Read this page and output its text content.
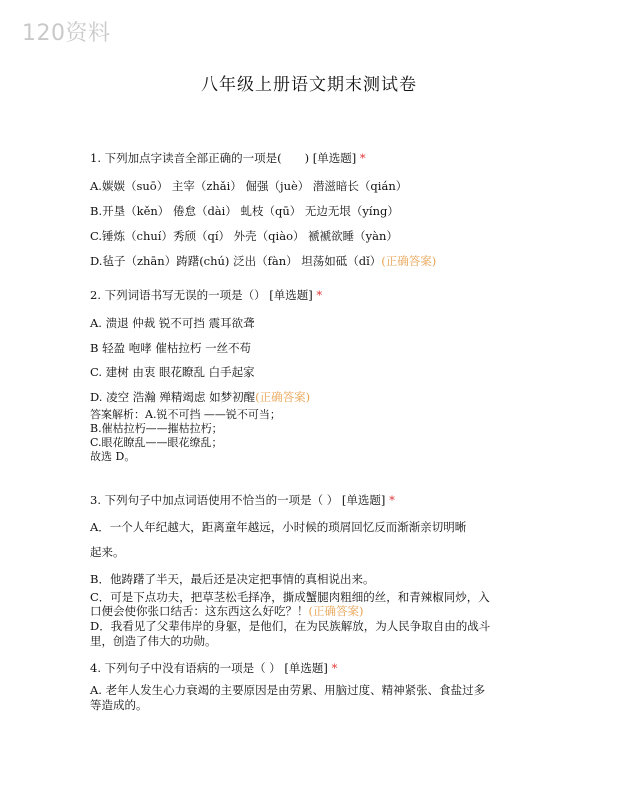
120资料
八年级上册语文期末测试卷
1. 下列加点字读音全部正确的一项是(　　) [单选题] *
A.㛶㛶（suō） 主宰（zhǎi） 倔强（juè） 潜滋暗长（qián）
B.开垦（kěn） 倦怠（dài） 虬枝（qū） 无边无垠（yíng）
C.锤炼（chuí）秀颀（qí） 外壳（qiào） 褫褫欲睡（yàn）
D.毡子（zhān）踌躇(chú) 泛出（fàn） 坦荡如砥（dǐ）(正确答案)
2. 下列词语书写无误的一项是（） [单选题] *
A. 溃退 仲裁 锐不可挡 震耳欲聋
B 轻盈 咆哮 催枯拉朽 一丝不苟
C. 建树 由衷 眼花瞭乱 白手起家
D. 凌空 浩瀚 殚精竭虑 如梦初醒(正确答案)
答案解析：A.锐不可挡 ——锐不可当；
B.催枯拉朽——摧枯拉朽；
C.眼花瞭乱——眼花缭乱；
故选 D。
3. 下列句子中加点词语使用不恰当的一项是（ ） [单选题] *
A．一个人年纪越大，距离童年越远，小时候的琐屑回忆反而渐渐亲切明晰
起来。
B．他踌躇了半天，最后还是决定把事情的真相说出来。
C．可是下点功夫，把草茎松毛择净，撕成蟹腿肉粗细的丝，和青辣椒同炒，入
口便会使你张口结舌：这东西这么好吃？！(正确答案)
D．我看见了父辈伟岸的身躯，是他们，在为民族解放，为人民争取自由的战斗
里，创造了伟大的功勋。
4. 下列句子中没有语病的一项是（ ） [单选题] *
A. 老年人发生心力衰竭的主要原因是由劳累、用脑过度、精神紧张、食盐过多
等造成的。
